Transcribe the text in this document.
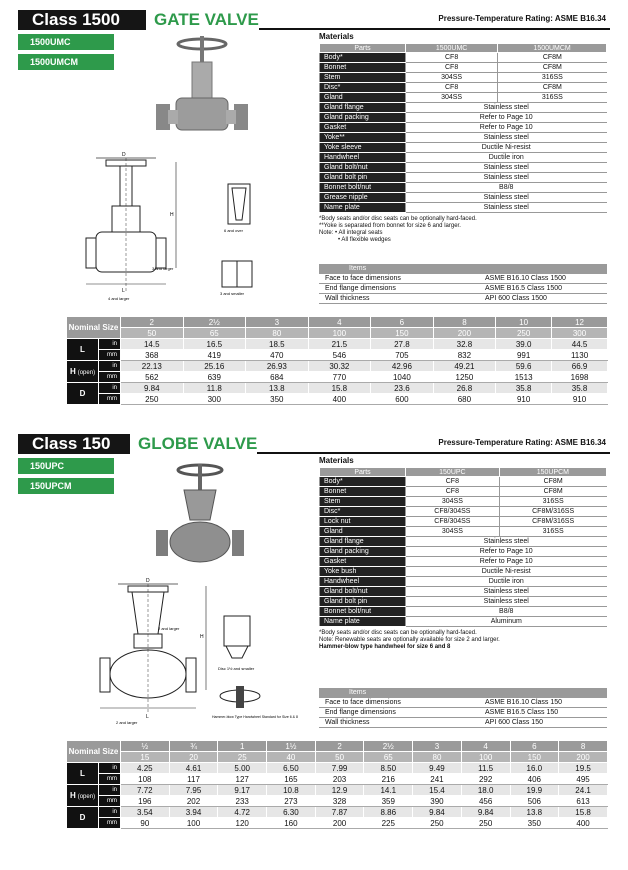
Class 1500	GATE VALVE	Pressure-Temperature Rating: ASME B16.34
1500UMC
1500UMCM
H
L
D
3 and larger
4 and larger
6 and over
3 and smaller
Materials
Parts	1500UMC	1500UMCM
Body*	CF8	CF8M
Bonnet	CF8	CF8M
Stem	304SS	316SS
Disc*	CF8	CF8M
Gland	304SS	316SS
Gland flange	Stainless steel	
Gland packing	Refer to Page 10	
Gasket	Refer to Page 10	
Yoke**	Stainless steel	
Yoke sleeve	Ductile Ni-resist	
Handwheel	Ductile iron	
Gland bolt/nut	Stainless steel	
Gland bolt pin	Stainless steel	
Bonnet bolt/nut	B8/8	
Grease nipple	Stainless steel	
Name plate	Stainless steel	
*Body seats and/or disc seats can be optionally hard-faced.
**Yoke is separated from bonnet for size 6 and larger.
Note: • All integral seats
• All flexible wedges
Items
Face to face dimensions	ASME B16.10 Class 1500
End flange dimensions	ASME B16.5 Class 1500
Wall thickness	API 600 Class 1500
Nominal Size		2	2½	3	4	6	8	10	12
		50	65	80	100	150	200	250	300
L	in	14.5	16.5	18.5	21.5	27.8	32.8	39.0	44.5
	mm	368	419	470	546	705	832	991	1130
H (open)	in	22.13	25.16	26.93	30.32	42.96	49.21	59.6	66.9
	mm	562	639	684	770	1040	1250	1513	1698
D	in	9.84	11.8	13.8	15.8	23.6	26.8	35.8	35.8
	mm	250	300	350	400	600	680	910	910
Class 150	GLOBE VALVE	Pressure-Temperature Rating: ASME B16.34
150UPC
150UPCM
H
L
D
2 and larger
2 and larger
Disc 1½ and smaller
Hammer-blow Type Handwheel Standard for Size 6 & 8
Materials
Parts	150UPC	150UPCM
Body*	CF8	CF8M
Bonnet	CF8	CF8M
Stem	304SS	316SS
Disc*	CF8/304SS	CF8M/316SS
Lock nut	CF8/304SS	CF8M/316SS
Gland	304SS	316SS
Gland flange	Stainless steel	
Gland packing	Refer to Page 10	
Gasket	Refer to Page 10	
Yoke bush	Ductile Ni-resist	
Handwheel	Ductile iron	
Gland bolt/nut	Stainless steel	
Gland bolt pin	Stainless steel	
Bonnet bolt/nut	B8/8	
Name plate	Aluminum	
*Body seats and/or disc seats can be optionally hard-faced.
Note: Renewable seats are optionally available for size 2 and larger.
Hammer-blow type handwheel for size 6 and 8
Items
Face to face dimensions	ASME B16.10 Class 150
End flange dimensions	ASME B16.5 Class 150
Wall thickness	API 600 Class 150
Nominal Size		½	¾	1	1½	2	2½	3	4	6	8
		15	20	25	40	50	65	80	100	150	200
L	in	4.25	4.61	5.00	6.50	7.99	8.50	9.49	11.5	16.0	19.5
	mm	108	117	127	165	203	216	241	292	406	495
H (open)	in	7.72	7.95	9.17	10.8	12.9	14.1	15.4	18.0	19.9	24.1
	mm	196	202	233	273	328	359	390	456	506	613
D	in	3.54	3.94	4.72	6.30	7.87	8.86	9.84	9.84	13.8	15.8
	mm	90	100	120	160	200	225	250	250	350	400
